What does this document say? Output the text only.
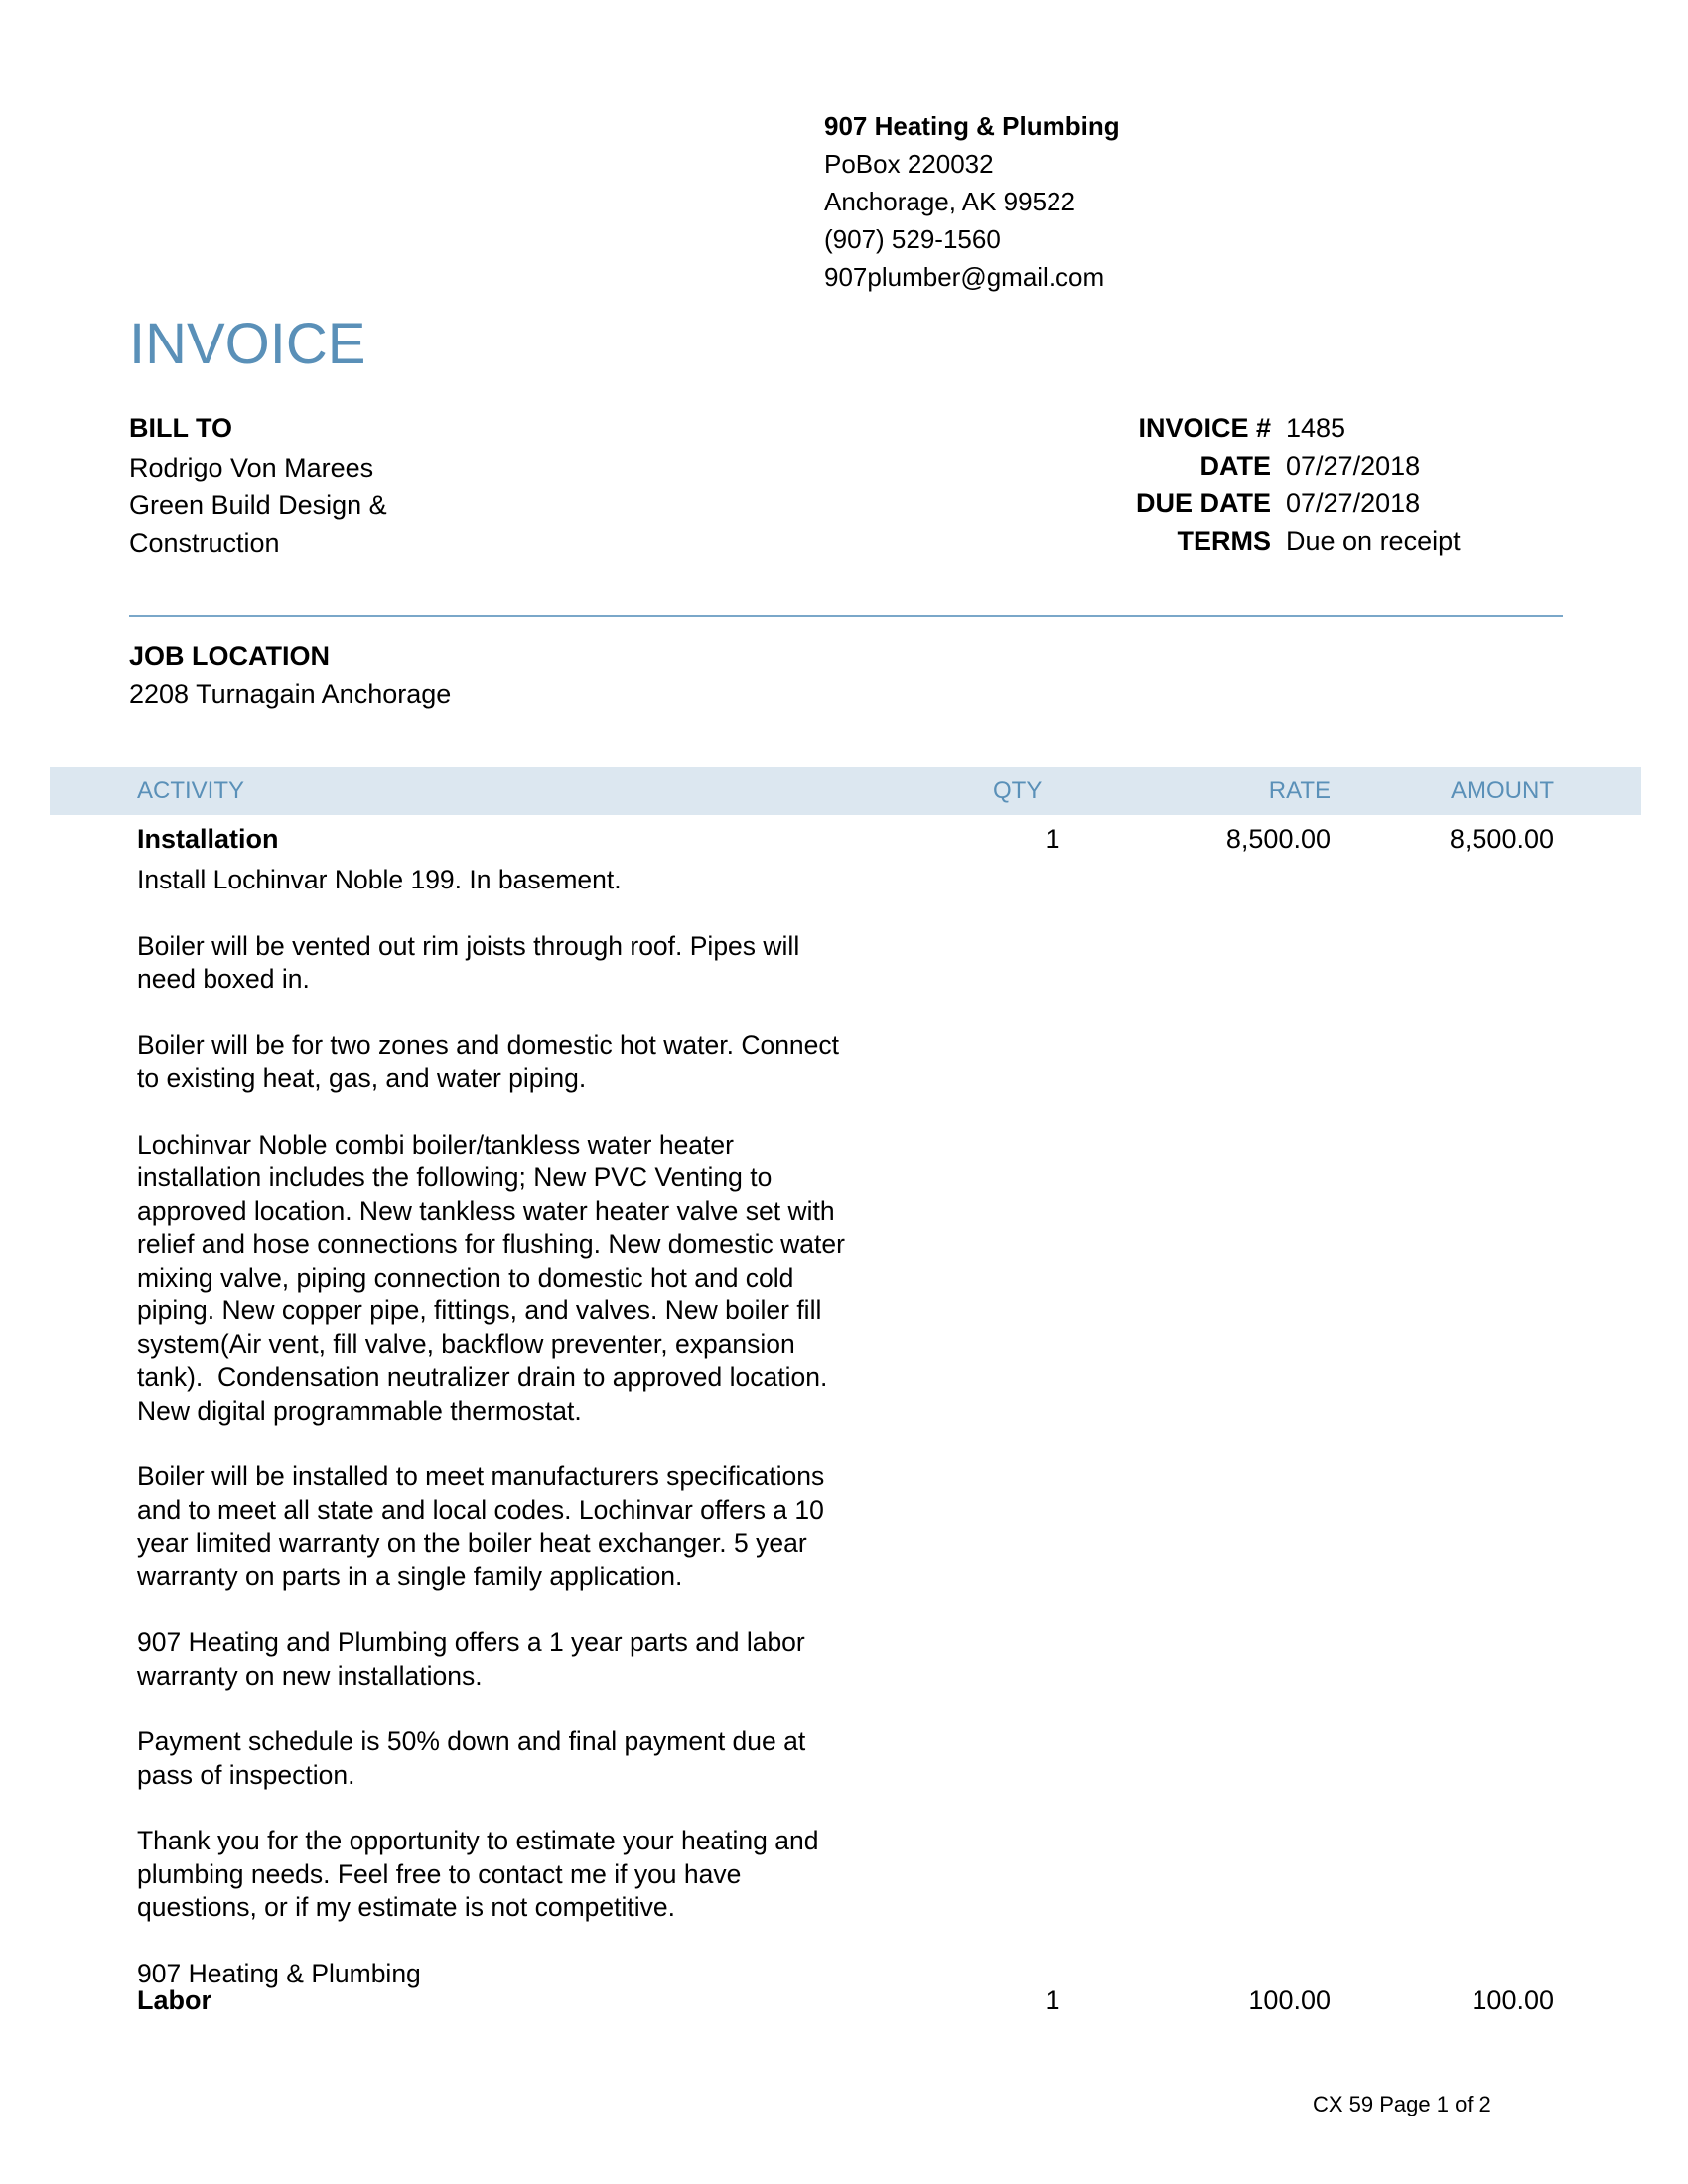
907 Heating & Plumbing
PoBox 220032
Anchorage, AK 99522
(907) 529-1560
907plumber@gmail.com
INVOICE
BILL TO
Rodrigo Von Marees
Green Build Design &
Construction
INVOICE #	1485
DATE	07/27/2018
DUE DATE	07/27/2018
TERMS	Due on receipt
JOB LOCATION
2208 Turnagain Anchorage
ACTIVITY	QTY	RATE	AMOUNT
Installation	1	8,500.00	8,500.00

Install Lochinvar Noble 199. In basement.

Boiler will be vented out rim joists through roof. Pipes will
need boxed in.

Boiler will be for two zones and domestic hot water. Connect
to existing heat, gas, and water piping.

Lochinvar Noble combi boiler/tankless water heater
installation includes the following; New PVC Venting to
approved location. New tankless water heater valve set with
relief and hose connections for flushing. New domestic water
mixing valve, piping connection to domestic hot and cold
piping. New copper pipe, fittings, and valves. New boiler fill
system(Air vent, fill valve, backflow preventer, expansion
tank).  Condensation neutralizer drain to approved location.
New digital programmable thermostat.

Boiler will be installed to meet manufacturers specifications
and to meet all state and local codes. Lochinvar offers a 10
year limited warranty on the boiler heat exchanger. 5 year
warranty on parts in a single family application.

907 Heating and Plumbing offers a 1 year parts and labor
warranty on new installations.

Payment schedule is 50% down and final payment due at
pass of inspection.

Thank you for the opportunity to estimate your heating and
plumbing needs. Feel free to contact me if you have
questions, or if my estimate is not competitive.

907 Heating & Plumbing

Labor	1	100.00	100.00
CX 59 Page 1 of 2
